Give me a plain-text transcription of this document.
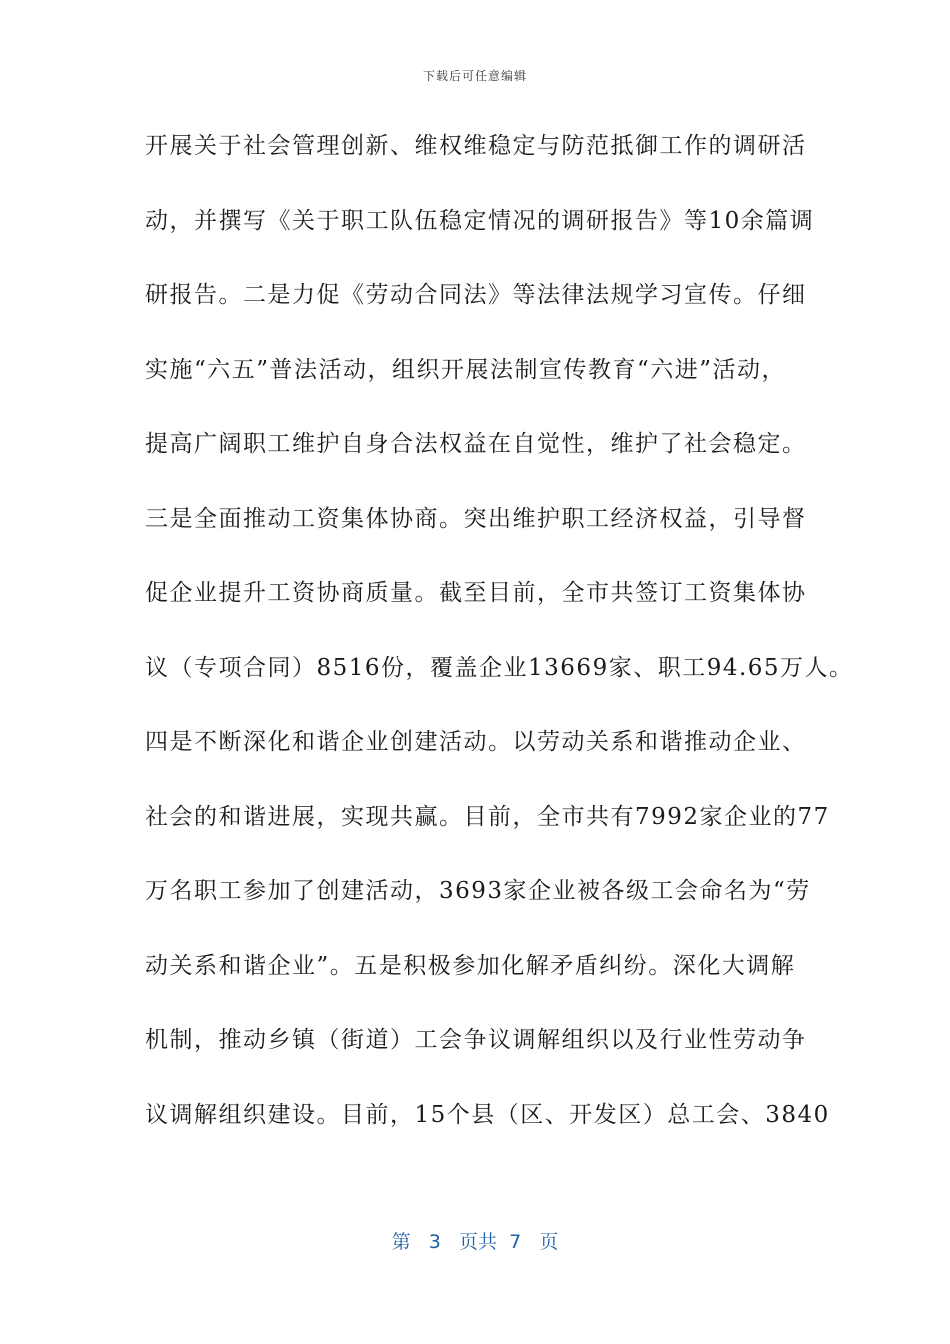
下载后可任意编辑
开展关于社会管理创新、维权维稳定与防范抵御工作的调研活
动，并撰写《关于职工队伍稳定情况的调研报告》等10余篇调
研报告。二是力促《劳动合同法》等法律法规学习宣传。仔细
实施“六五”普法活动，组织开展法制宣传教育“六进”活动，
提高广阔职工维护自身合法权益在自觉性，维护了社会稳定。
三是全面推动工资集体协商。突出维护职工经济权益，引导督
促企业提升工资协商质量。截至目前，全市共签订工资集体协
议（专项合同）8516份，覆盖企业13669家、职工94.65万人。
四是不断深化和谐企业创建活动。以劳动关系和谐推动企业、
社会的和谐进展，实现共赢。目前，全市共有7992家企业的77
万名职工参加了创建活动，3693家企业被各级工会命名为“劳
动关系和谐企业”。五是积极参加化解矛盾纠纷。深化大调解
机制，推动乡镇（街道）工会争议调解组织以及行业性劳动争
议调解组织建设。目前，15个县（区、开发区）总工会、3840
第 3 页共 7 页
